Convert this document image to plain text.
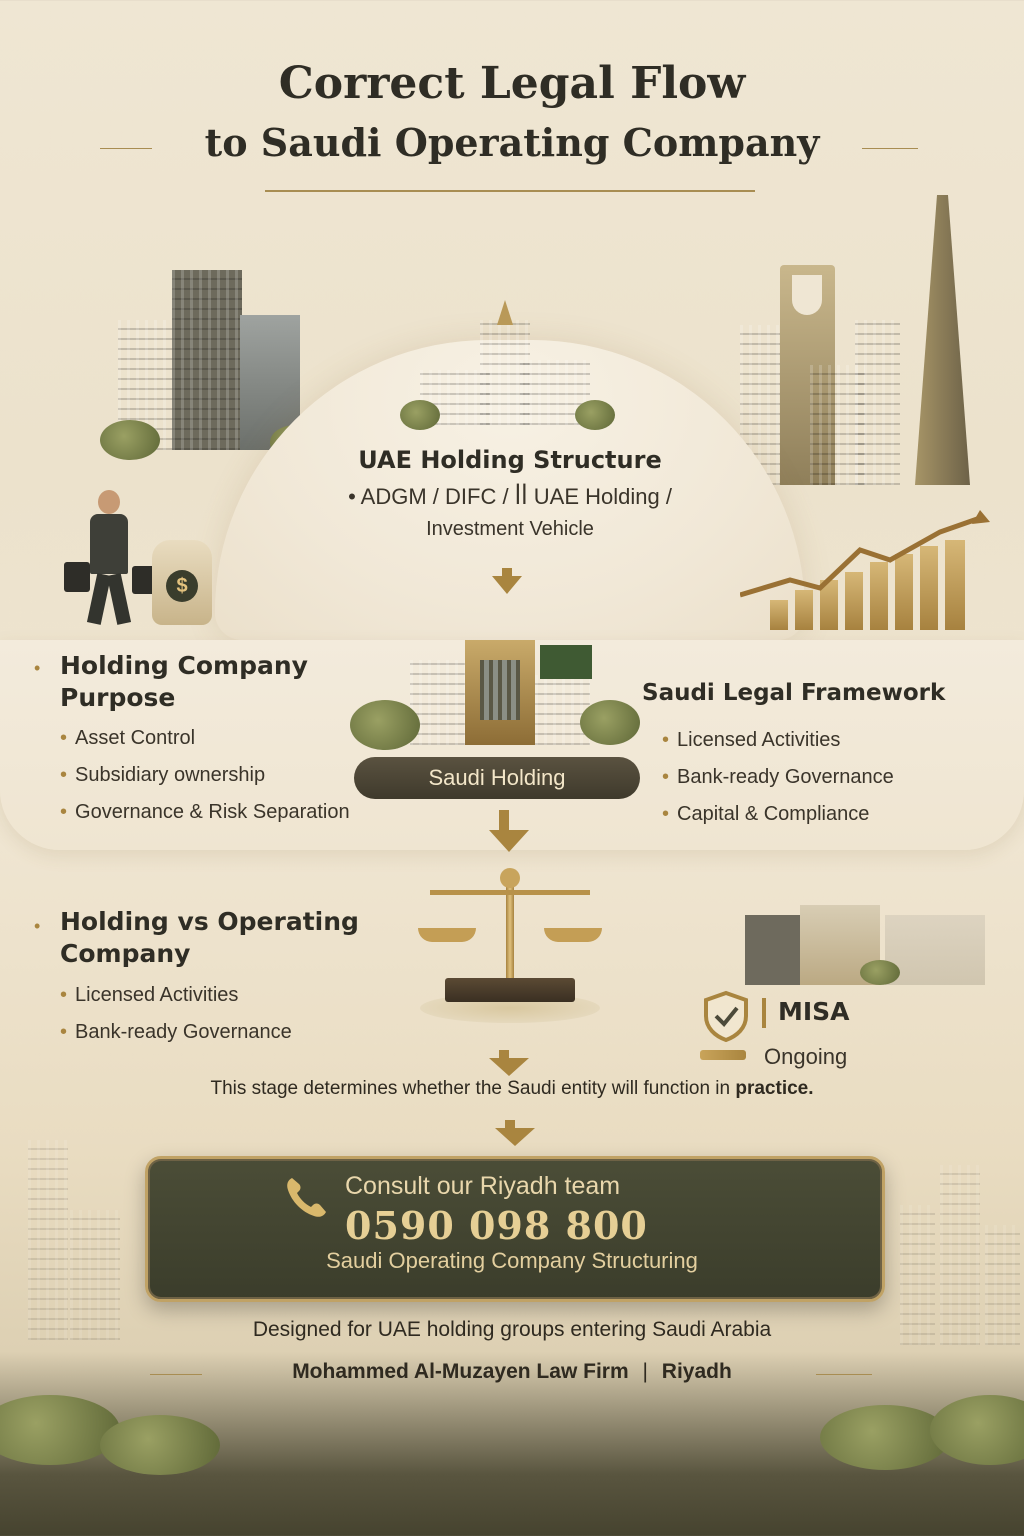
Correct Legal Flow
to Saudi Operating Company
UAE Holding Structure
• ADGM / DIFC / ꟾꟾ UAE Holding /
Investment Vehicle
$
• Holding Company
Purpose
• Asset Control
• Subsidiary ownership
• Governance & Risk Separation
Saudi Holding
Saudi Legal Framework
• Licensed Activities
• Bank-ready Governance
• Capital & Compliance
• Holding vs Operating
Company
• Licensed Activities
• Bank-ready Governance
MISA
Ongoing
This stage determines whether the Saudi entity will function in practice.
Consult our Riyadh team
0590 098 800
Saudi Operating Company Structuring
Designed for UAE holding groups entering Saudi Arabia
Mohammed Al-Muzayen Law Firm | Riyadh
